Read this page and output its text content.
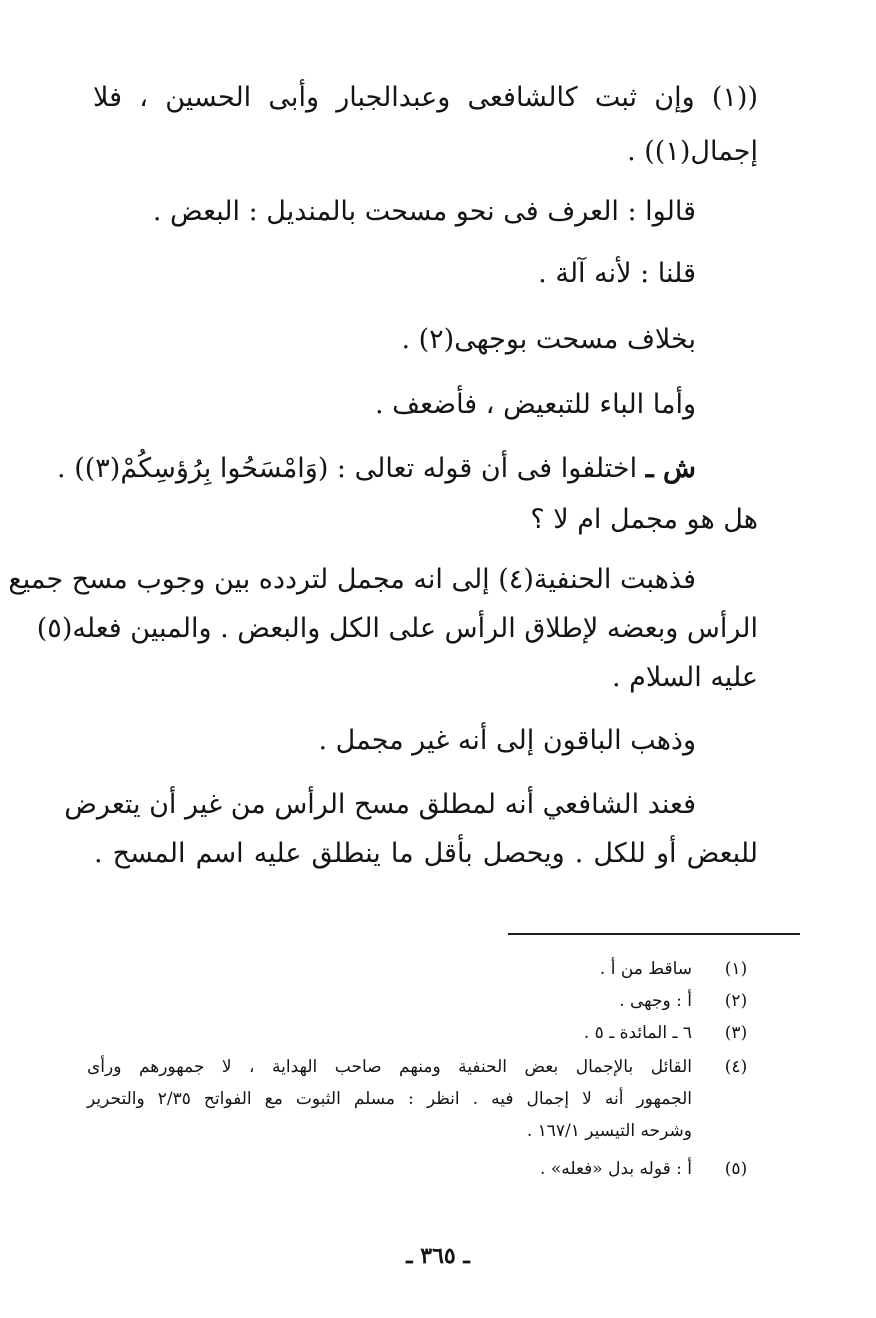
((١) وإن ثبت كالشافعى وعبدالجبار وأبى الحسين ، فلا
إجمال(١)) .
قالوا : العرف فى نحو مسحت بالمنديل : البعض .
قلنا : لأنه آلة .
بخلاف مسحت بوجهى(٢) .
وأما الباء للتبعيض ، فأضعف .
ش ـ اختلفوا فى أن قوله تعالى : (وَامْسَحُوا بِرُؤسِكُمْ(٣)) .
هل هو مجمل ام لا ؟
فذهبت الحنفية(٤) إلى انه مجمل لتردده بين وجوب مسح جميع
الرأس وبعضه لإطلاق الرأس على الكل والبعض . والمبين فعله(٥)
عليه السلام .
وذهب الباقون إلى أنه غير مجمل .
فعند الشافعي أنه لمطلق مسح الرأس من غير أن يتعرض
للبعض أو للكل . ويحصل بأقل ما ينطلق عليه اسم المسح .
(١)
ساقط من أ .
(٢)
أ : وجهى .
(٣)
٦ ـ المائدة ـ ٥ .
(٤)
القائل بالإجمال بعض الحنفية ومنهم صاحب الهداية ، لا جمهورهم ورأى
الجمهور أنه لا إجمال فيه . انظر : مسلم الثبوت مع الفواتح ٢/٣٥ والتحرير
وشرحه التيسير ١٦٧/١ .
(٥)
أ : قوله بدل «فعله» .
ـ ٣٦٥ ـ
